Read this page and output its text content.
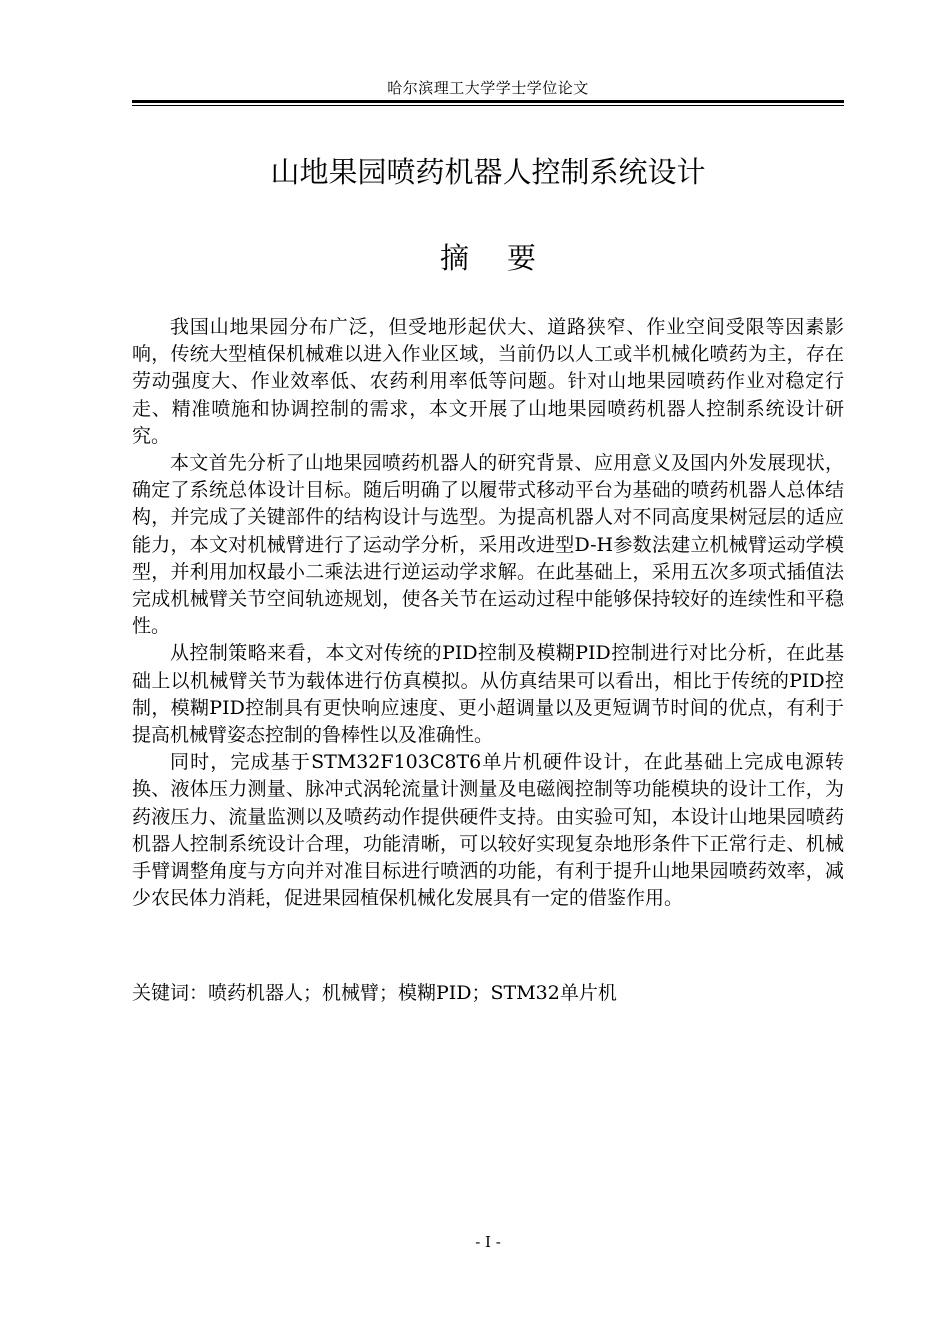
哈尔滨理工大学学士学位论文
山地果园喷药机器人控制系统设计
摘要

我国山地果园分布广泛，但受地形起伏大、道路狭窄、作业空间受限等因素影响，传统大型植保机械难以进入作业区域，当前仍以人工或半机械化喷药为主，存在劳动强度大、作业效率低、农药利用率低等问题。针对山地果园喷药作业对稳定行走、精准喷施和协调控制的需求，本文开展了山地果园喷药机器人控制系统设计研究。

本文首先分析了山地果园喷药机器人的研究背景、应用意义及国内外发展现状，确定了系统总体设计目标。随后明确了以履带式移动平台为基础的喷药机器人总体结构，并完成了关键部件的结构设计与选型。为提高机器人对不同高度果树冠层的适应能力，本文对机械臂进行了运动学分析，采用改进型D-H参数法建立机械臂运动学模型，并利用加权最小二乘法进行逆运动学求解。在此基础上，采用五次多项式插值法完成机械臂关节空间轨迹规划，使各关节在运动过程中能够保持较好的连续性和平稳性。

从控制策略来看，本文对传统的PID控制及模糊PID控制进行对比分析，在此基础上以机械臂关节为载体进行仿真模拟。从仿真结果可以看出，相比于传统的PID控制，模糊PID控制具有更快响应速度、更小超调量以及更短调节时间的优点，有利于提高机械臂姿态控制的鲁棒性以及准确性。

同时，完成基于STM32F103C8T6单片机硬件设计，在此基础上完成电源转换、液体压力测量、脉冲式涡轮流量计测量及电磁阀控制等功能模块的设计工作，为药液压力、流量监测以及喷药动作提供硬件支持。由实验可知，本设计山地果园喷药机器人控制系统设计合理，功能清晰，可以较好实现复杂地形条件下正常行走、机械手臂调整角度与方向并对准目标进行喷洒的功能，有利于提升山地果园喷药效率，减少农民体力消耗，促进果园植保机械化发展具有一定的借鉴作用。

关键词：喷药机器人；机械臂；模糊PID；STM32单片机

- I -
